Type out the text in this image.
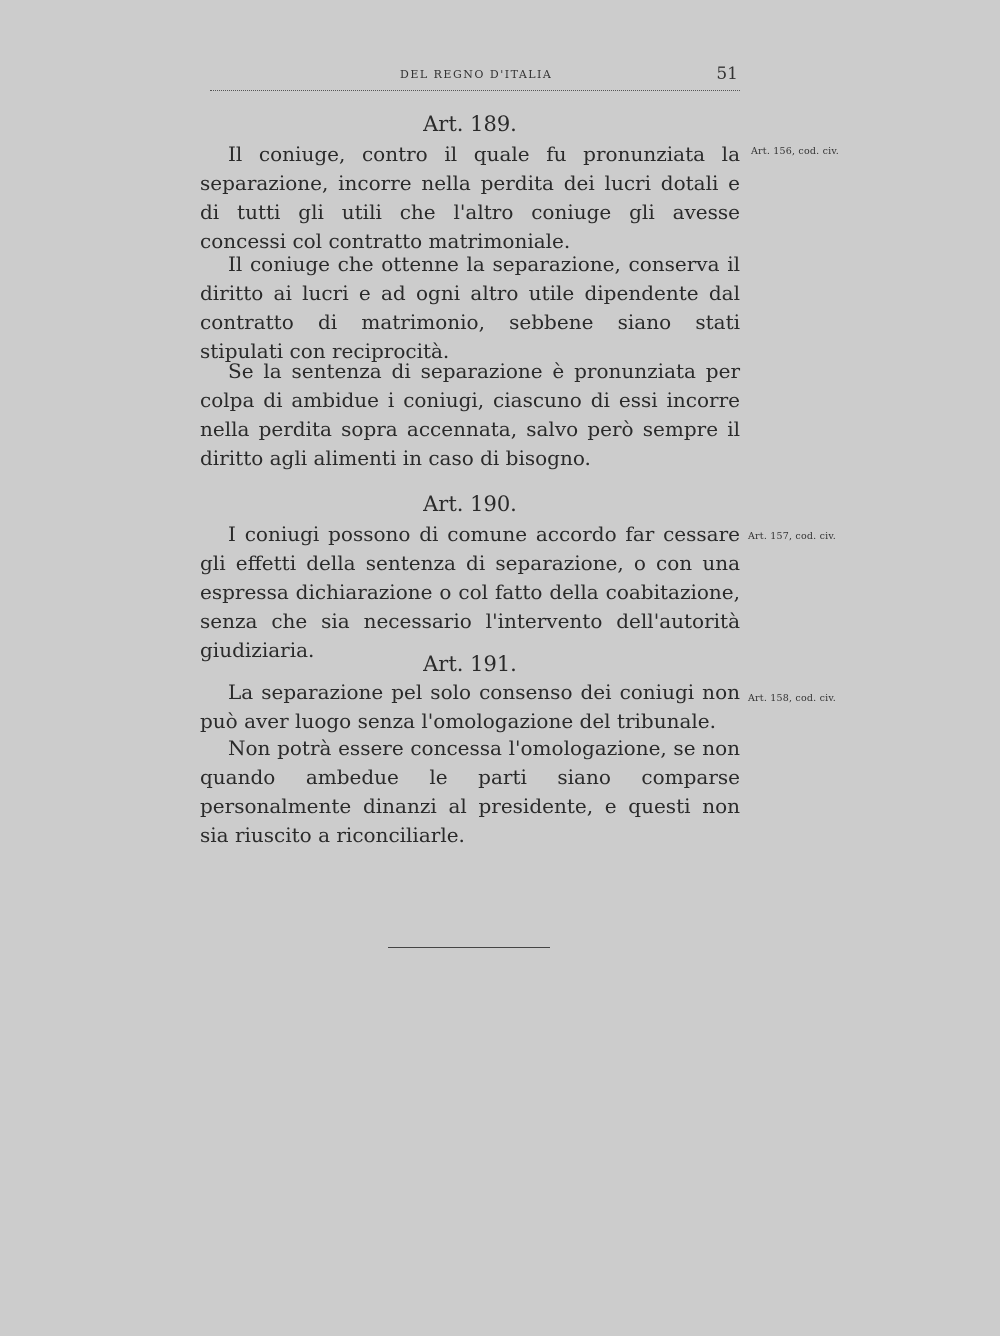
DEL REGNO D'ITALIA	51
Art. 189.
Art. 156, cod. civ.

Il coniuge, contro il quale fu pronunziata la separazione, incorre nella perdita dei lucri dotali e di tutti gli utili che l'altro coniuge gli avesse concessi col contratto matrimoniale.

Il coniuge che ottenne la separazione, conserva il diritto ai lucri e ad ogni altro utile dipendente dal contratto di matrimonio, sebbene siano stati stipulati con reciprocità.

Se la sentenza di separazione è pronunziata per colpa di ambidue i coniugi, ciascuno di essi incorre nella perdita sopra accennata, salvo però sempre il diritto agli alimenti in caso di bisogno.

Art. 190.
Art. 157, cod. civ.

I coniugi possono di comune accordo far cessare gli effetti della sentenza di separazione, o con una espressa dichiarazione o col fatto della coabitazione, senza che sia necessario l'intervento dell'autorità giudiziaria.

Art. 191.
Art. 158, cod. civ.

La separazione pel solo consenso dei coniugi non può aver luogo senza l'omologazione del tribunale.

Non potrà essere concessa l'omologazione, se non quando ambedue le parti siano comparse personalmente dinanzi al presidente, e questi non sia riuscito a riconciliarle.
